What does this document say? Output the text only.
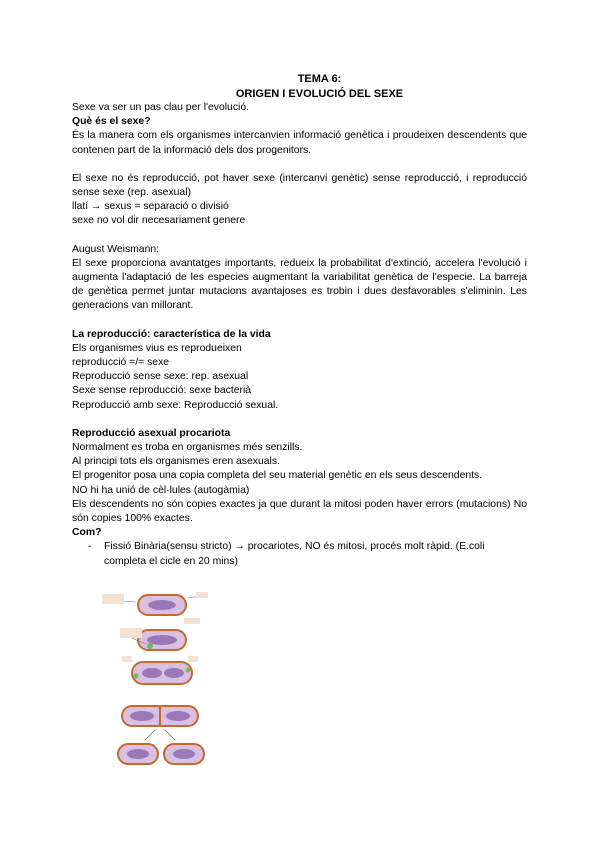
TEMA 6:
ORIGEN I EVOLUCIÓ DEL SEXE
Sexe va ser un pas clau per l'evolució.
Què és el sexe?
És la manera com els organismes intercanvien informació genètica i proudeixen descendents que contenen part de la informació dels dos progenitors.
El sexe no és reproducció, pot haver sexe (intercanvi genètic) sense reproducció, i reproducció sense sexe (rep. asexual)
llatí → sexus = separació o divisió
sexe no vol dir necesariament genere
August Weismann:
El sexe proporciona avantatges importants, redueix la probabilitat d'extinció, accelera l'evolució i augmenta l'adaptació de les especies augmentant la variabilitat genètica de l'especie. La barreja de genètica permet juntar mutacions avantajoses es trobin i dues desfavorables s'eliminin. Les generacions van millorant.
La reproducció: característica de la vida
Els organismes vius es reprodueixen
reproducció =/= sexe
Reproducció sense sexe: rep. asexual
Sexe sense reproducció: sexe bacterià
Reproducció amb sexe: Reproducció sexual.
Reproducció asexual procariota
Normalment es troba en organismes més senzills.
Al principi tots els organismes eren asexuals.
El progenitor posa una copia completa del seu material genètic en els seus descendents.
NO hi ha unió de cèl·lules (autogàmia)
Els descendents no són copies exactes ja que durant la mitosi poden haver errors (mutacions) No són copies 100% exactes.
Com?
-	Fissió Binària(sensu stricto) → procariotes, NO és mitosi, procés molt ràpid. (E.coli completa el cicle en 20 mins)
